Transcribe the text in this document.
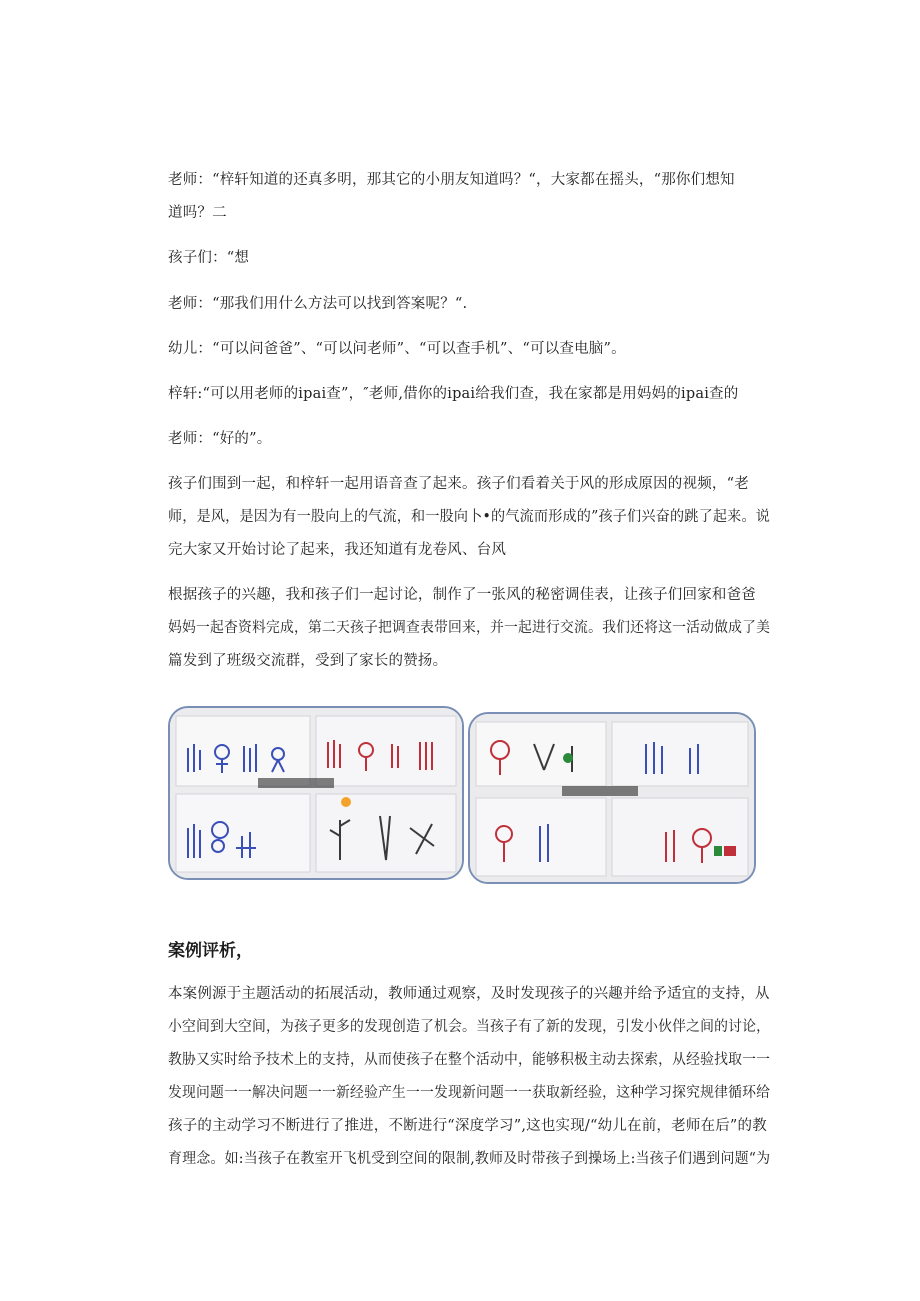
老师：“梓轩知道的还真多明，那其它的小朋友知道吗？“，大家都在摇头，“那你们想知
道吗？二
孩子们：“想
老师：“那我们用什么方法可以找到答案呢？“.
幼儿：“可以问爸爸”、“可以问老师”、“可以查手机”、“可以查电脑”。
梓轩:“可以用老师的ipai查”，″老师,借你的ipai给我们查，我在家都是用妈妈的ipai查的
老师：“好的”。
孩子们围到一起，和梓轩一起用语音查了起来。孩子们看着关于风的形成原因的视频，“老
师，是风，是因为有一股向上的气流，和一股向卜•的气流而形成的”孩子们兴奋的跳了起来。说
完大家又开始讨论了起来，我还知道有龙卷风、台风
根据孩子的兴趣，我和孩子们一起讨论，制作了一张风的秘密调佳表，让孩子们回家和爸爸
妈妈一起杳资料完成，第二天孩子把调查表带回来，并一起进行交流。我们还将这一活动做成了美
篇发到了班级交流群，受到了家长的赞扬。
案例评析，
本案例源于主题活动的拓展活动，教师通过观察，及时发现孩子的兴趣并给予适宜的支持，从
小空间到大空间，为孩子更多的发现创造了机会。当孩子有了新的发现，引发小伙伴之间的讨论，
教胁又实时给予技术上的支持，从而使孩子在整个活动中，能够积极主动去探索，从经验找取一一
发现问题一一解决问题一一新经验产生一一发现新问题一一获取新经验，这种学习探究规律循环给
孩子的主动学习不断进行了推进，不断进行“深度学习”,这也实现/“幼儿在前，老师在后”的教
育理念。如:当孩子在教室开飞机受到空间的限制,教师及时带孩子到操场上:当孩子们遇到问题“为
